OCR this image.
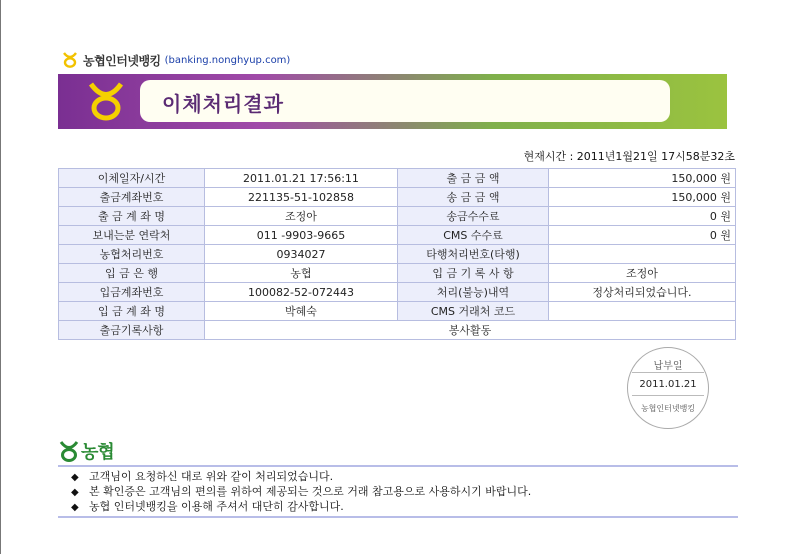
농협인터넷뱅킹 (banking.nonghyup.com)
이체처리결과
현재시간 : 2011년1월21일 17시58분32초
이체일자/시간	2011.01.21 17:56:11	출 금 금 액	150,000 원
출금계좌번호	221135-51-102858	송 금 금 액	150,000 원
출 금 계 좌 명	조정아	송금수수료	0 원
보내는분 연락처	011 -9903-9665	CMS 수수료	0 원
농협처리번호	0934027	타행처리번호(타행)	
입 금 은 행	농협	입 금 기 록 사 항	조정아
입금계좌번호	100082-52-072443	처리(불능)내역	정상처리되었습니다.
입 금 계 좌 명	박혜숙	CMS 거래처 코드	
출금기록사항	봉사활동		
납부일
2011.01.21
농협인터넷뱅킹
농협
◆ 고객님이 요청하신 대로 위와 같이 처리되었습니다.
◆ 본 확인증은 고객님의 편의를 위하여 제공되는 것으로 거래 참고용으로 사용하시기 바랍니다.
◆ 농협 인터넷뱅킹을 이용해 주셔서 대단히 감사합니다.
